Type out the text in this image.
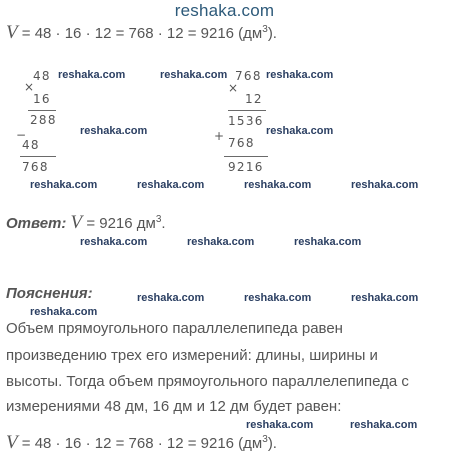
reshaka.com
V = 48 · 16 · 12 = 768 · 12 = 9216 $(дм^3)$.
×
48
16
288
−
48
768
×
768
12
1536
+ 768
9216
Ответ: V = 9216 $дм^3$.
Пояснения:
Объем прямоугольного параллелепипеда равен
произведению трех его измерений: длины, ширины и
высоты. Тогда объем прямоугольного параллелепипеда с
измерениями 48 дм, 16 дм и 12 дм будет равен:
V = 48 · 16 · 12 = 768 · 12 = 9216 $(дм^3)$.
reshaka.com	reshaka.com	reshaka.com
reshaka.com	reshaka.com
reshaka.com	reshaka.com	reshaka.com	reshaka.com
reshaka.com	reshaka.com	reshaka.com
reshaka.com	reshaka.com	reshaka.com
reshaka.com
reshaka.com	reshaka.com
